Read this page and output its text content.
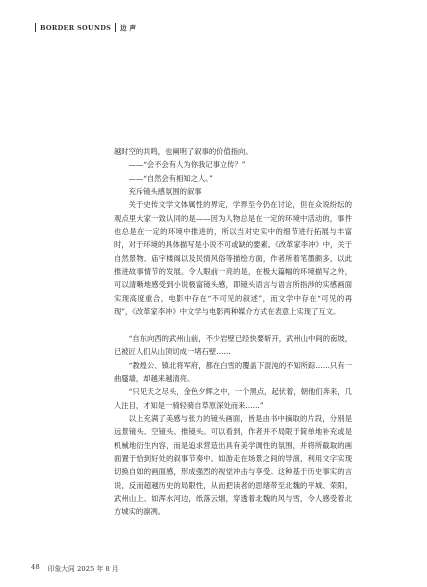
BORDER SOUNDS 边 声

越时空的共鸣，也阐明了叙事的价值指向。

——“会不会有人为你我记事立传？”

——“自然会有相知之人。”

充斥镜头感氛围的叙事

关于史传文学文体属性的界定，学界至今仍在讨论，但在众说纷纭的观点里大家一致认同的是——因为人物总是在一定的环境中活动的，事件也总是在一定的环境中推进的，所以当对史实中的细节进行拓展与丰富时，对于环境的具体描写是小说不可或缺的要素。《改革家李冲》中，关于自然景物、庙宇楼阁以及民情风俗等描绘方面，作者所着笔墨颇多，以此推进故事情节的发展。令人眼前一亮的是，在极大篇幅的环境描写之外，可以清晰地感受到小说极富镜头感，即镜头语言与语言所指涉的实感画面实现高度重合，电影中存在“不可见的叙述”，而文学中存在“可见的再现”，《改革家李冲》中文学与电影两种媒介方式在表意上实现了互文。

“自东向西的武州山前，不少岩壁已经快要斩开，武州山中间的南坡，已被匠人们从山顶切成一堵石壁……

“教煌公、镇北将军府，都在白雪的覆盖下混沌的不知所踪……只有一曲蜃墙，却越来越清亮。

“只见天之尽头，金色夕辉之中，一个黑点，起伏着，朝他们奔来，几人注目，才知是一骑轻骑自草原深处而来……”

以上充满了美感与张力的镜头画面，皆是由书中摘取的片段，分别是远景镜头、空镜头、推镜头。可以看到，作者并不局限于简单地补充或是机械地衍生内容，而是追求营造出具有美学调性的氛围，并将所截取的画面置于恰到好处的叙事节奏中。如游走在场景之间的导演，利用文字实现切换自如的画面感，形成强烈的视觉冲击与享受。这种基于历史事实的言说，反而超越历史的局限性，从而把读者的思绪带至北魏的平城、荣阳，武州山上、如浑水河边，纸落云烟，穿透着北魏的风与雪，令人感受着北方城实的凛冽。

48 印象大同 2025 年 8 月
